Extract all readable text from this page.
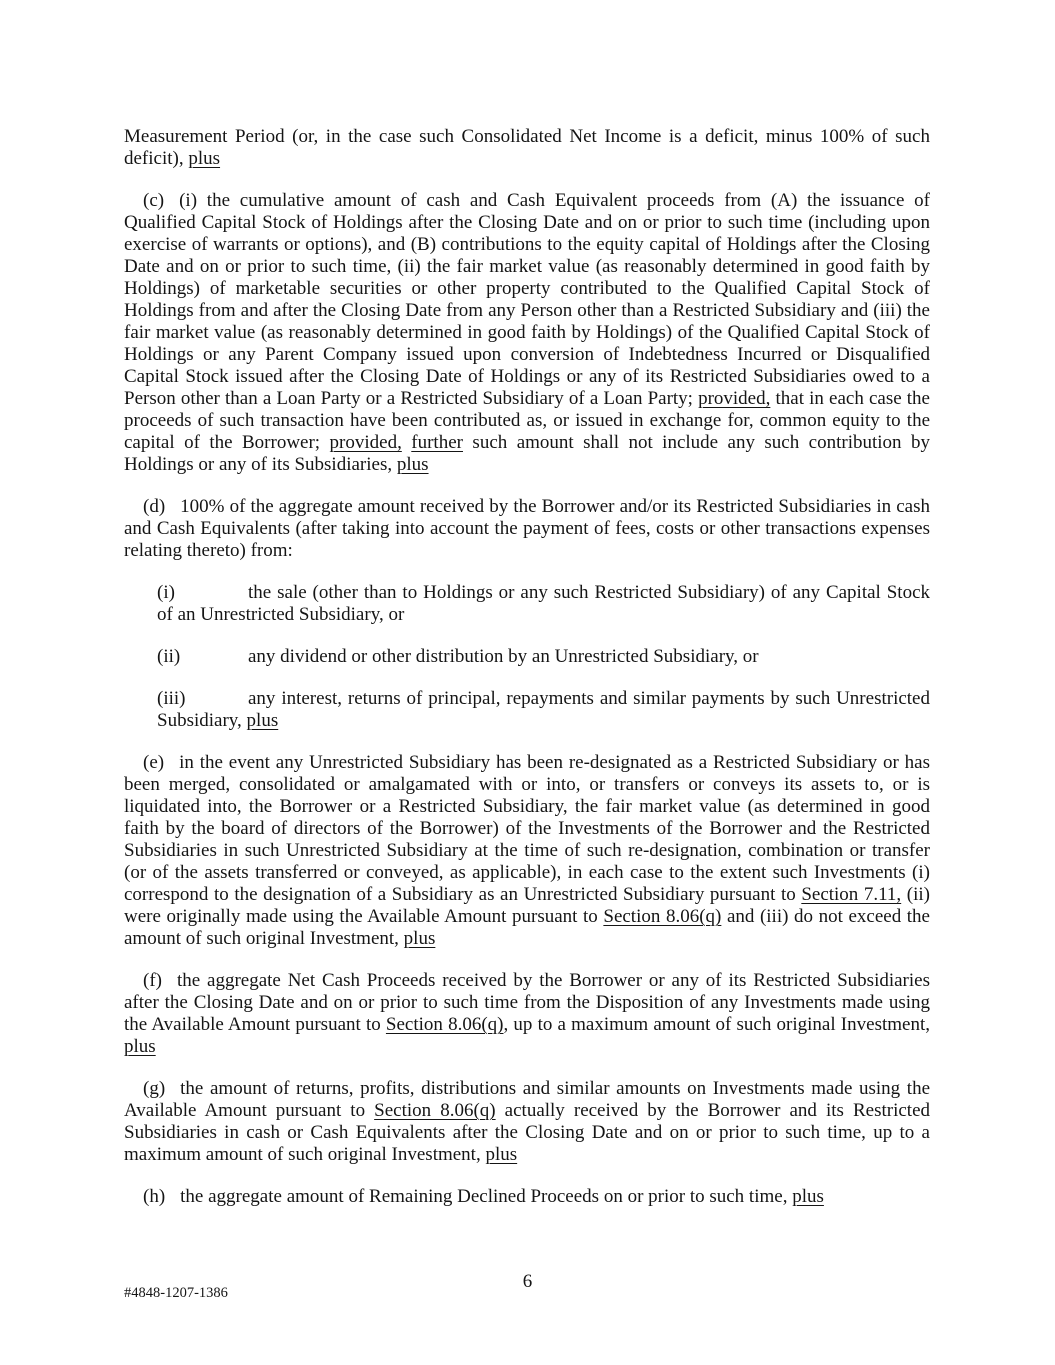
Measurement Period (or, in the case such Consolidated Net Income is a deficit, minus 100% of such deficit), plus

(c) (i) the cumulative amount of cash and Cash Equivalent proceeds from (A) the issuance of Qualified Capital Stock of Holdings after the Closing Date and on or prior to such time (including upon exercise of warrants or options), and (B) contributions to the equity capital of Holdings after the Closing Date and on or prior to such time, (ii) the fair market value (as reasonably determined in good faith by Holdings) of marketable securities or other property contributed to the Qualified Capital Stock of Holdings from and after the Closing Date from any Person other than a Restricted Subsidiary and (iii) the fair market value (as reasonably determined in good faith by Holdings) of the Qualified Capital Stock of Holdings or any Parent Company issued upon conversion of Indebtedness Incurred or Disqualified Capital Stock issued after the Closing Date of Holdings or any of its Restricted Subsidiaries owed to a Person other than a Loan Party or a Restricted Subsidiary of a Loan Party; provided, that in each case the proceeds of such transaction have been contributed as, or issued in exchange for, common equity to the capital of the Borrower; provided, further such amount shall not include any such contribution by Holdings or any of its Subsidiaries, plus

(d) 100% of the aggregate amount received by the Borrower and/or its Restricted Subsidiaries in cash and Cash Equivalents (after taking into account the payment of fees, costs or other transactions expenses relating thereto) from:

(i)	the sale (other than to Holdings or any such Restricted Subsidiary) of any Capital Stock of an Unrestricted Subsidiary, or

(ii)	any dividend or other distribution by an Unrestricted Subsidiary, or

(iii)	any interest, returns of principal, repayments and similar payments by such Unrestricted Subsidiary, plus

(e) in the event any Unrestricted Subsidiary has been re-designated as a Restricted Subsidiary or has been merged, consolidated or amalgamated with or into, or transfers or conveys its assets to, or is liquidated into, the Borrower or a Restricted Subsidiary, the fair market value (as determined in good faith by the board of directors of the Borrower) of the Investments of the Borrower and the Restricted Subsidiaries in such Unrestricted Subsidiary at the time of such re-designation, combination or transfer (or of the assets transferred or conveyed, as applicable), in each case to the extent such Investments (i) correspond to the designation of a Subsidiary as an Unrestricted Subsidiary pursuant to Section 7.11, (ii) were originally made using the Available Amount pursuant to Section 8.06(q) and (iii) do not exceed the amount of such original Investment, plus

(f) the aggregate Net Cash Proceeds received by the Borrower or any of its Restricted Subsidiaries after the Closing Date and on or prior to such time from the Disposition of any Investments made using the Available Amount pursuant to Section 8.06(q), up to a maximum amount of such original Investment, plus

(g) the amount of returns, profits, distributions and similar amounts on Investments made using the Available Amount pursuant to Section 8.06(q) actually received by the Borrower and its Restricted Subsidiaries in cash or Cash Equivalents after the Closing Date and on or prior to such time, up to a maximum amount of such original Investment, plus

(h) the aggregate amount of Remaining Declined Proceeds on or prior to such time, plus

#4848-1207-1386
6
